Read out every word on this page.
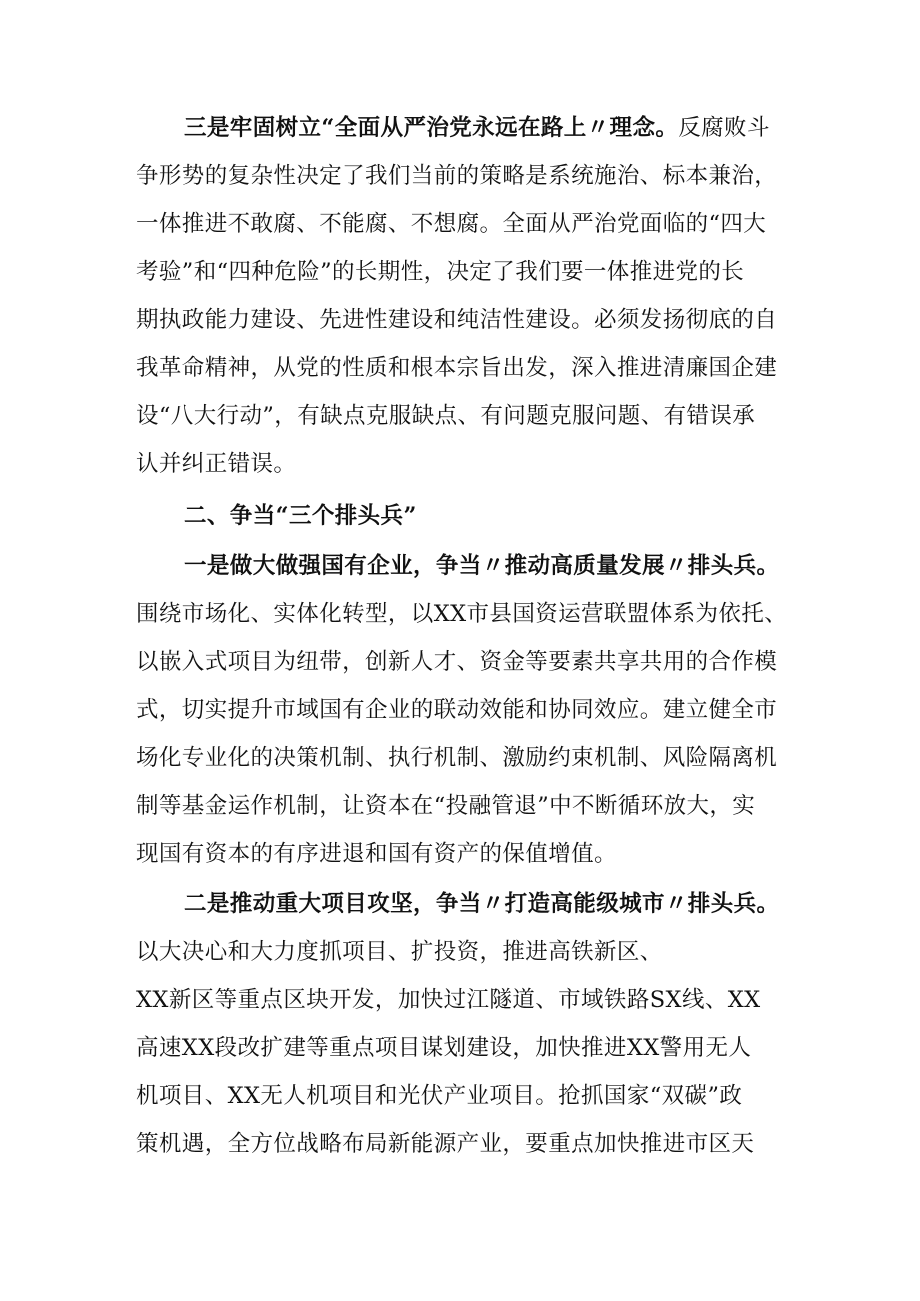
三是牢固树立“全面从严治党永远在路上〃理念。反腐败斗
争形势的复杂性决定了我们当前的策略是系统施治、标本兼治，
一体推进不敢腐、不能腐、不想腐。全面从严治党面临的“四大
考验”和“四种危险”的长期性，决定了我们要一体推进党的长
期执政能力建设、先进性建设和纯洁性建设。必须发扬彻底的自
我革命精神，从党的性质和根本宗旨出发，深入推进清廉国企建
设“八大行动”，有缺点克服缺点、有问题克服问题、有错误承
认并纠正错误。
二、争当“三个排头兵”
一是做大做强国有企业，争当〃推动高质量发展〃排头兵。
围绕市场化、实体化转型，以XX市县国资运营联盟体系为依托、
以嵌入式项目为纽带，创新人才、资金等要素共享共用的合作模
式，切实提升市域国有企业的联动效能和协同效应。建立健全市
场化专业化的决策机制、执行机制、激励约束机制、风险隔离机
制等基金运作机制，让资本在“投融管退”中不断循环放大，实
现国有资本的有序进退和国有资产的保值增值。
二是推动重大项目攻坚，争当〃打造高能级城市〃排头兵。
以大决心和大力度抓项目、扩投资，推进高铁新区、
XX新区等重点区块开发，加快过江隧道、市域铁路SX线、XX
高速XX段改扩建等重点项目谋划建设，加快推进XX警用无人
机项目、XX无人机项目和光伏产业项目。抢抓国家“双碳”政
策机遇，全方位战略布局新能源产业，要重点加快推进市区天
